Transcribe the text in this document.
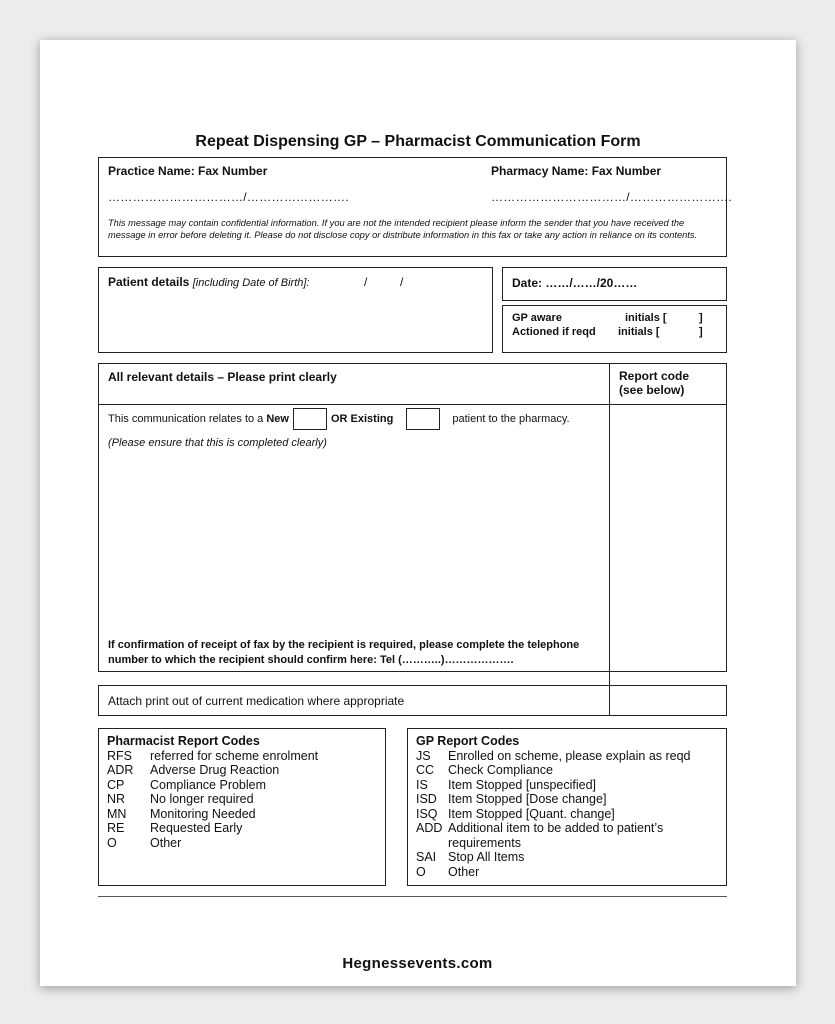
Repeat Dispensing GP – Pharmacist Communication Form
Practice Name: Fax Number	Pharmacy Name: Fax Number
……………………………/…………………….	……………………………/…………………….
This message may contain confidential information. If you are not the intended recipient please inform the sender that you have received the message in error before deleting it. Please do not disclose copy or distribute information in this fax or take any action in reliance on its contents.
Patient details [including Date of Birth]:	/	/	Date: ……/……/20……
GP aware	initials [	]
Actioned if reqd initials [	]
All relevant details – Please print clearly	Report code
(see below)
This communication relates to a New	OR Existing	patient to the pharmacy.
(Please ensure that this is completed clearly)
If confirmation of receipt of fax by the recipient is required, please complete the telephone
number to which the recipient should confirm here: Tel (………..)……………….
Attach print out of current medication where appropriate
Pharmacist Report Codes
RFS	referred for scheme enrolment
ADR	Adverse Drug Reaction
CP	Compliance Problem
NR	No longer required
MN	Monitoring Needed
RE	Requested Early
O	Other
GP Report Codes
JS	Enrolled on scheme, please explain as reqd
CC	Check Compliance
IS	Item Stopped [unspecified]
ISD Item Stopped [Dose change]
ISQ Item Stopped [Quant. change]
ADD Additional item to be added to patient’s requirements
SAI Stop All Items
O	Other
Hegnessevents.com
